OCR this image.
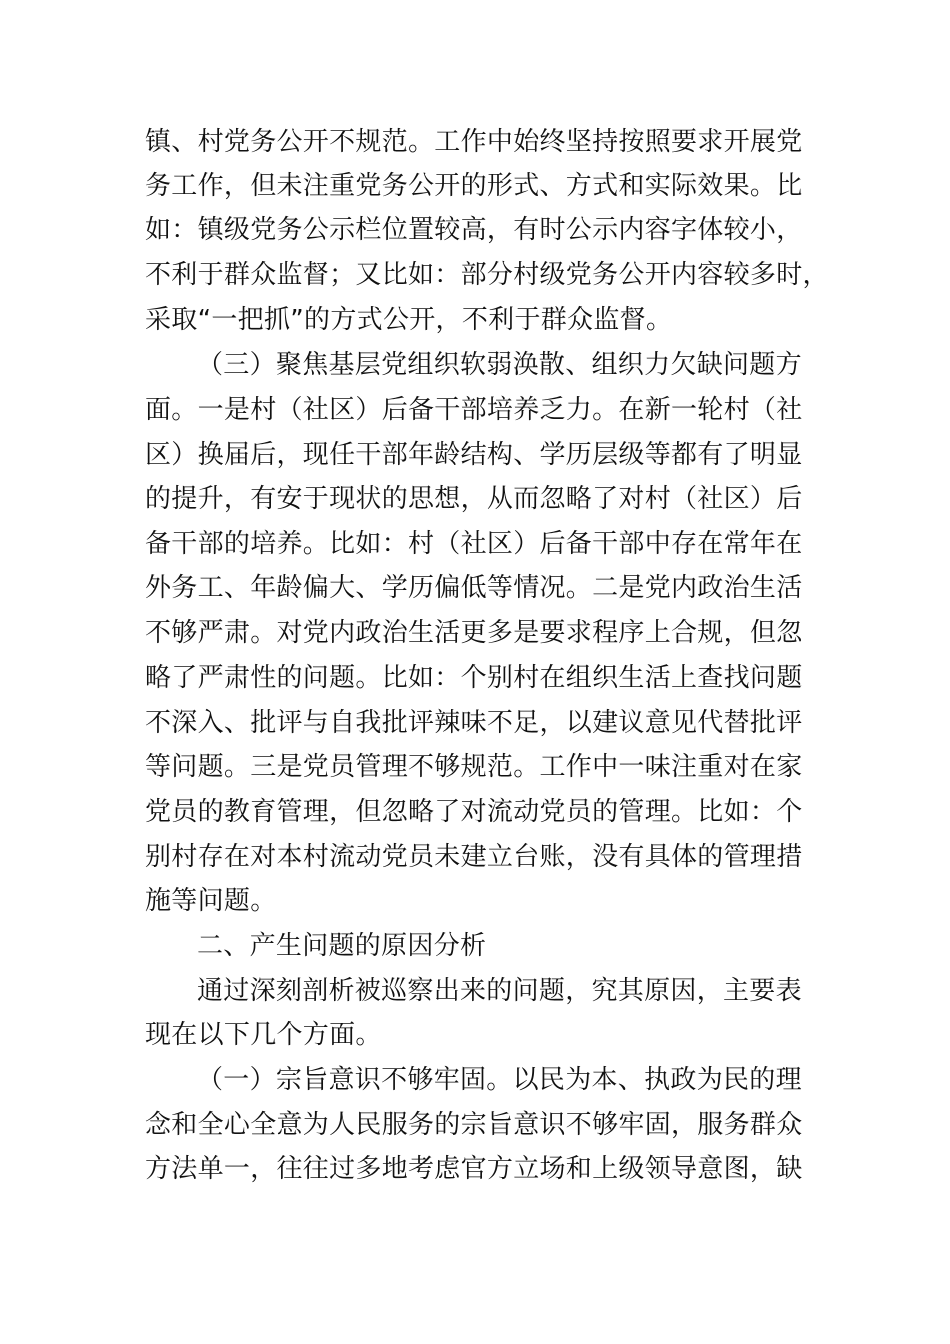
镇、村党务公开不规范。工作中始终坚持按照要求开展党
务工作，但未注重党务公开的形式、方式和实际效果。比
如：镇级党务公示栏位置较高，有时公示内容字体较小，
不利于群众监督；又比如：部分村级党务公开内容较多时，
采取“一把抓”的方式公开，不利于群众监督。
（三）聚焦基层党组织软弱涣散、组织力欠缺问题方
面。一是村（社区）后备干部培养乏力。在新一轮村（社
区）换届后，现任干部年龄结构、学历层级等都有了明显
的提升，有安于现状的思想，从而忽略了对村（社区）后
备干部的培养。比如：村（社区）后备干部中存在常年在
外务工、年龄偏大、学历偏低等情况。二是党内政治生活
不够严肃。对党内政治生活更多是要求程序上合规，但忽
略了严肃性的问题。比如：个别村在组织生活上查找问题
不深入、批评与自我批评辣味不足，以建议意见代替批评
等问题。三是党员管理不够规范。工作中一味注重对在家
党员的教育管理，但忽略了对流动党员的管理。比如：个
别村存在对本村流动党员未建立台账，没有具体的管理措
施等问题。
二、产生问题的原因分析
通过深刻剖析被巡察出来的问题，究其原因，主要表
现在以下几个方面。
（一）宗旨意识不够牢固。以民为本、执政为民的理
念和全心全意为人民服务的宗旨意识不够牢固，服务群众
方法单一，往往过多地考虑官方立场和上级领导意图，缺
